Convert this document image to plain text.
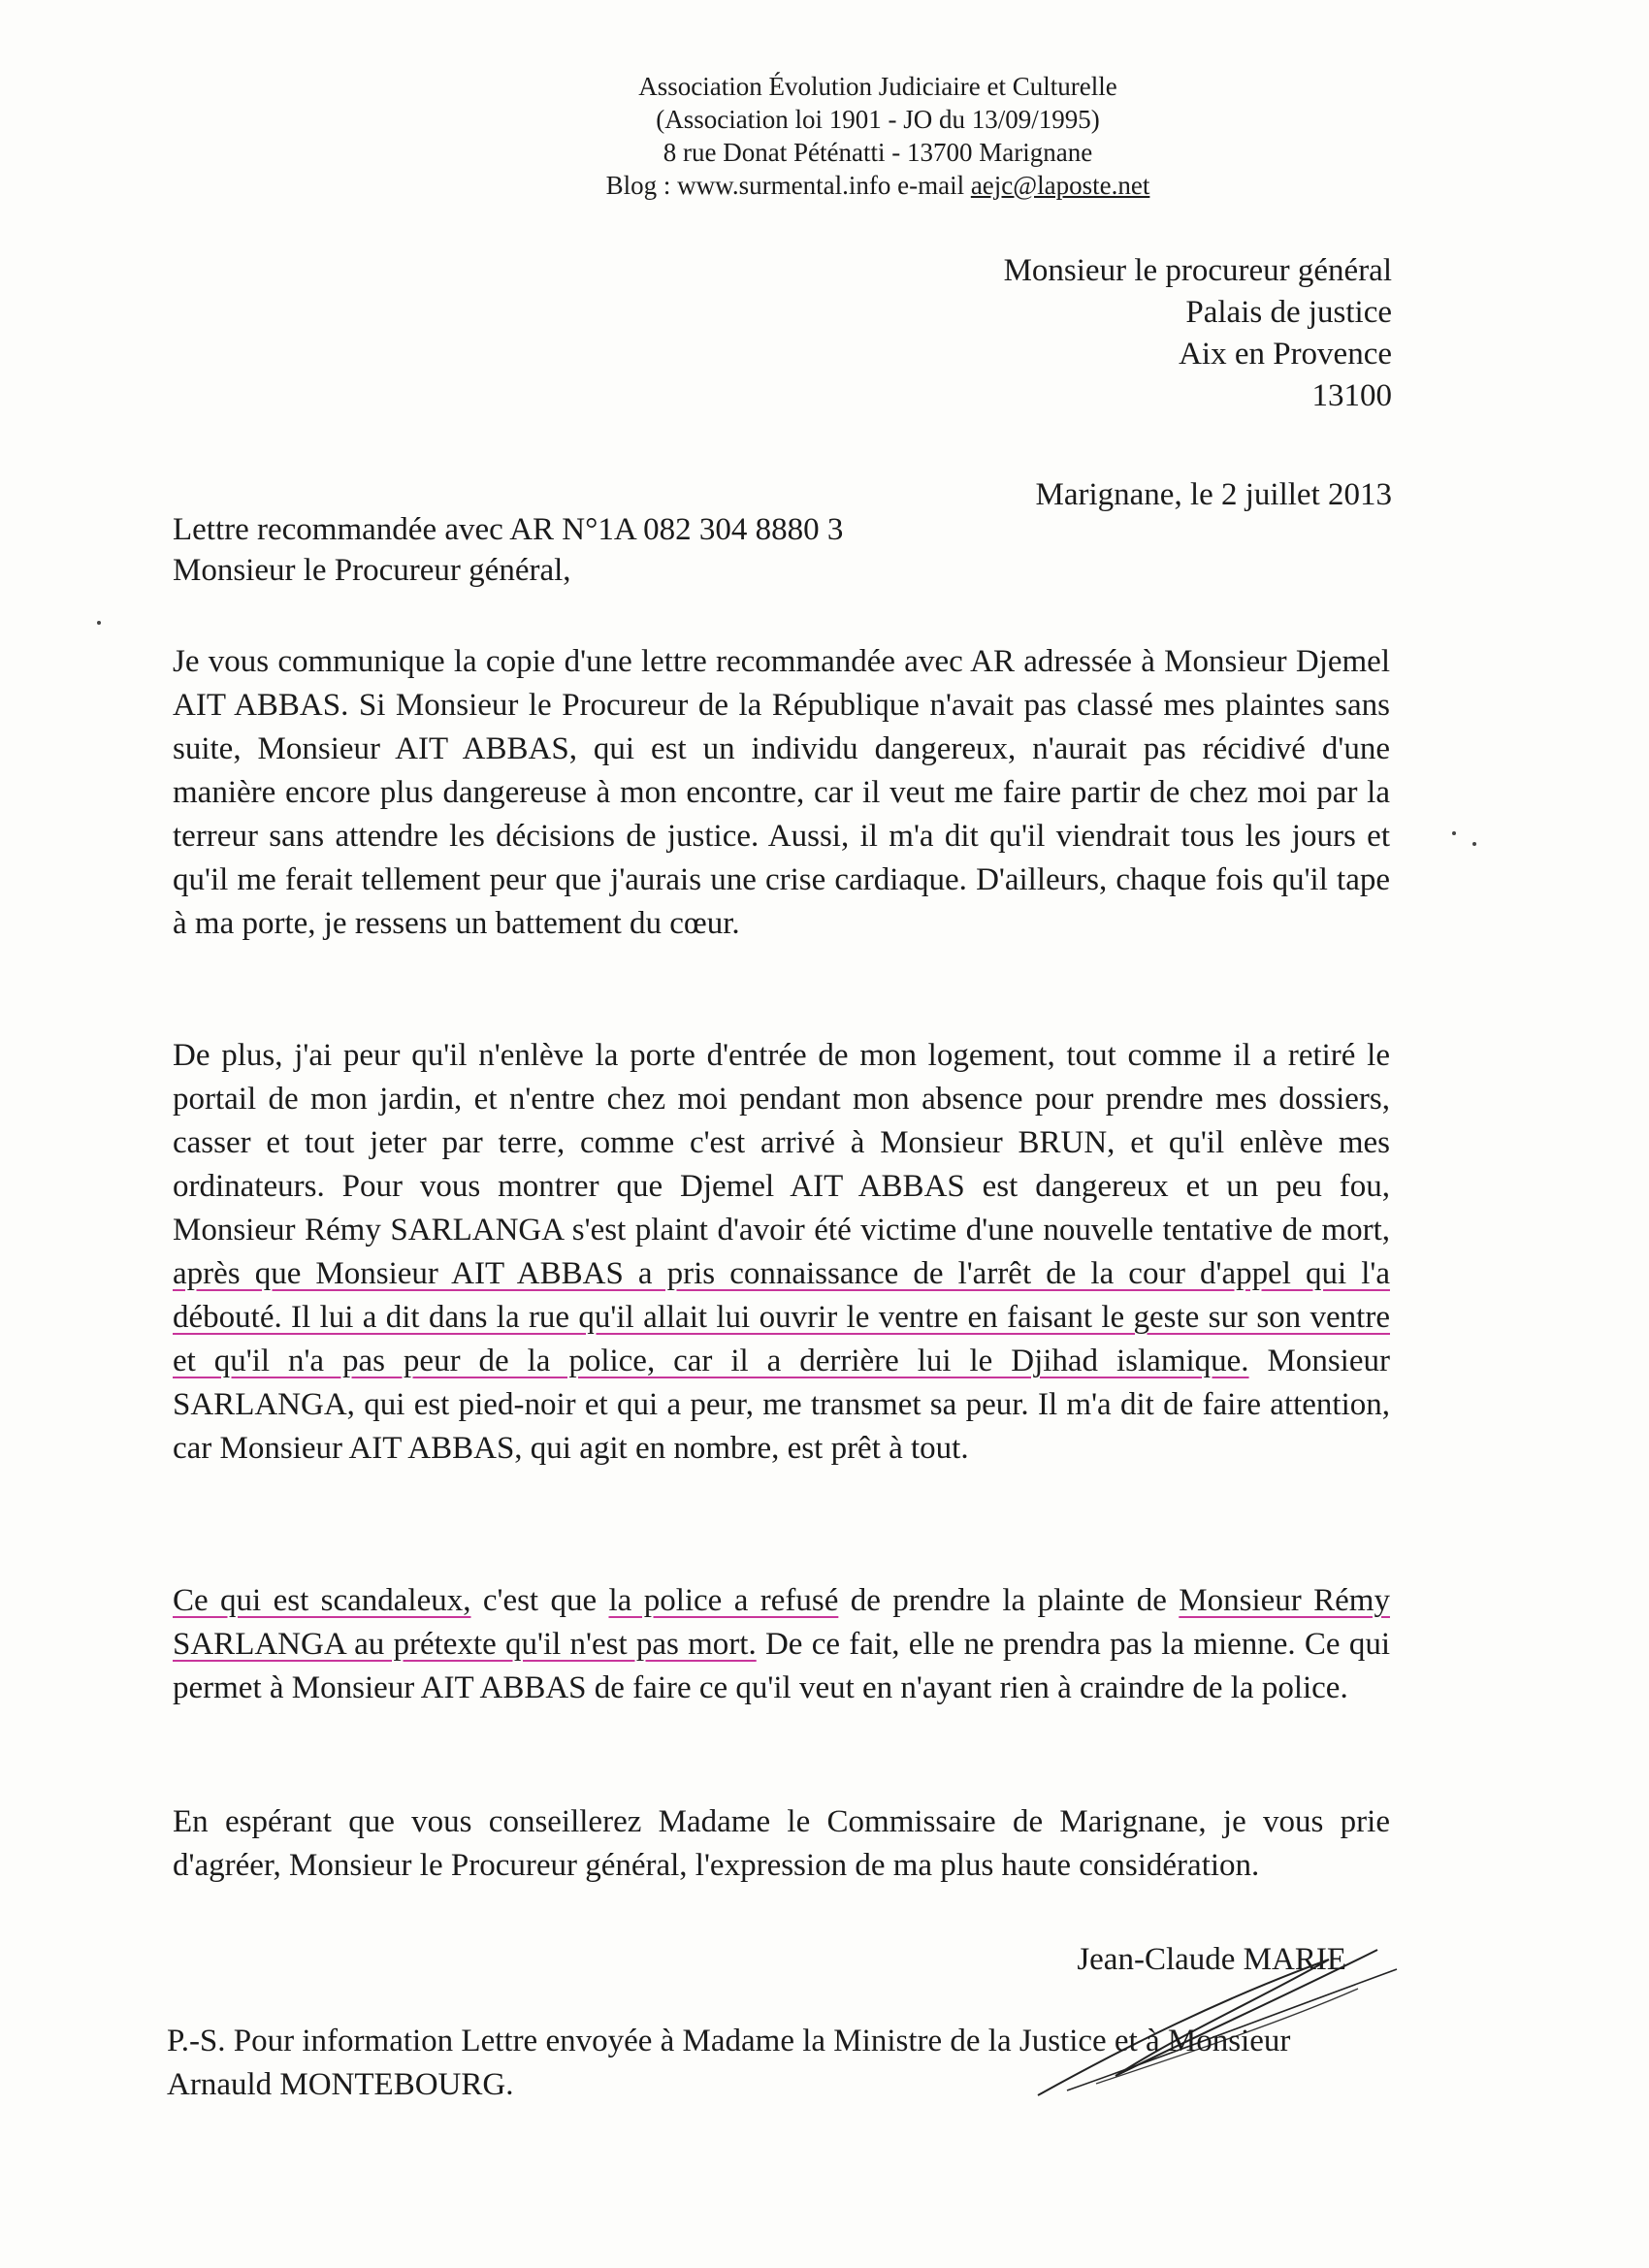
Association Évolution Judiciaire et Culturelle
(Association loi 1901 - JO du 13/09/1995)
8 rue Donat Péténatti - 13700 Marignane
Blog : www.surmental.info e-mail aejc@laposte.net
Monsieur le procureur général
Palais de justice
Aix en Provence
13100
Marignane, le 2 juillet 2013
Lettre recommandée avec AR N°1A 082 304 8880 3
Monsieur le Procureur général,

Je vous communique la copie d'une lettre recommandée avec AR adressée à Monsieur Djemel AIT ABBAS. Si Monsieur le Procureur de la République n'avait pas classé mes plaintes sans suite, Monsieur AIT ABBAS, qui est un individu dangereux, n'aurait pas récidivé d'une manière encore plus dangereuse à mon encontre, car il veut me faire partir de chez moi par la terreur sans attendre les décisions de justice. Aussi, il m'a dit qu'il viendrait tous les jours et qu'il me ferait tellement peur que j'aurais une crise cardiaque. D'ailleurs, chaque fois qu'il tape à ma porte, je ressens un battement du cœur.

De plus, j'ai peur qu'il n'enlève la porte d'entrée de mon logement, tout comme il a retiré le portail de mon jardin, et n'entre chez moi pendant mon absence pour prendre mes dossiers, casser et tout jeter par terre, comme c'est arrivé à Monsieur BRUN, et qu'il enlève mes ordinateurs. Pour vous montrer que Djemel AIT ABBAS est dangereux et un peu fou, Monsieur Rémy SARLANGA s'est plaint d'avoir été victime d'une nouvelle tentative de mort, après que Monsieur AIT ABBAS a pris connaissance de l'arrêt de la cour d'appel qui l'a débouté. Il lui a dit dans la rue qu'il allait lui ouvrir le ventre en faisant le geste sur son ventre et qu'il n'a pas peur de la police, car il a derrière lui le Djihad islamique. Monsieur SARLANGA, qui est pied-noir et qui a peur, me transmet sa peur. Il m'a dit de faire attention, car Monsieur AIT ABBAS, qui agit en nombre, est prêt à tout.

Ce qui est scandaleux, c'est que la police a refusé de prendre la plainte de Monsieur Rémy SARLANGA au prétexte qu'il n'est pas mort. De ce fait, elle ne prendra pas la mienne. Ce qui permet à Monsieur AIT ABBAS de faire ce qu'il veut en n'ayant rien à craindre de la police.

En espérant que vous conseillerez Madame le Commissaire de Marignane, je vous prie d'agréer, Monsieur le Procureur général, l'expression de ma plus haute considération.

Jean-Claude MARIE

P.-S. Pour information Lettre envoyée à Madame la Ministre de la Justice et à Monsieur Arnauld MONTEBOURG.
